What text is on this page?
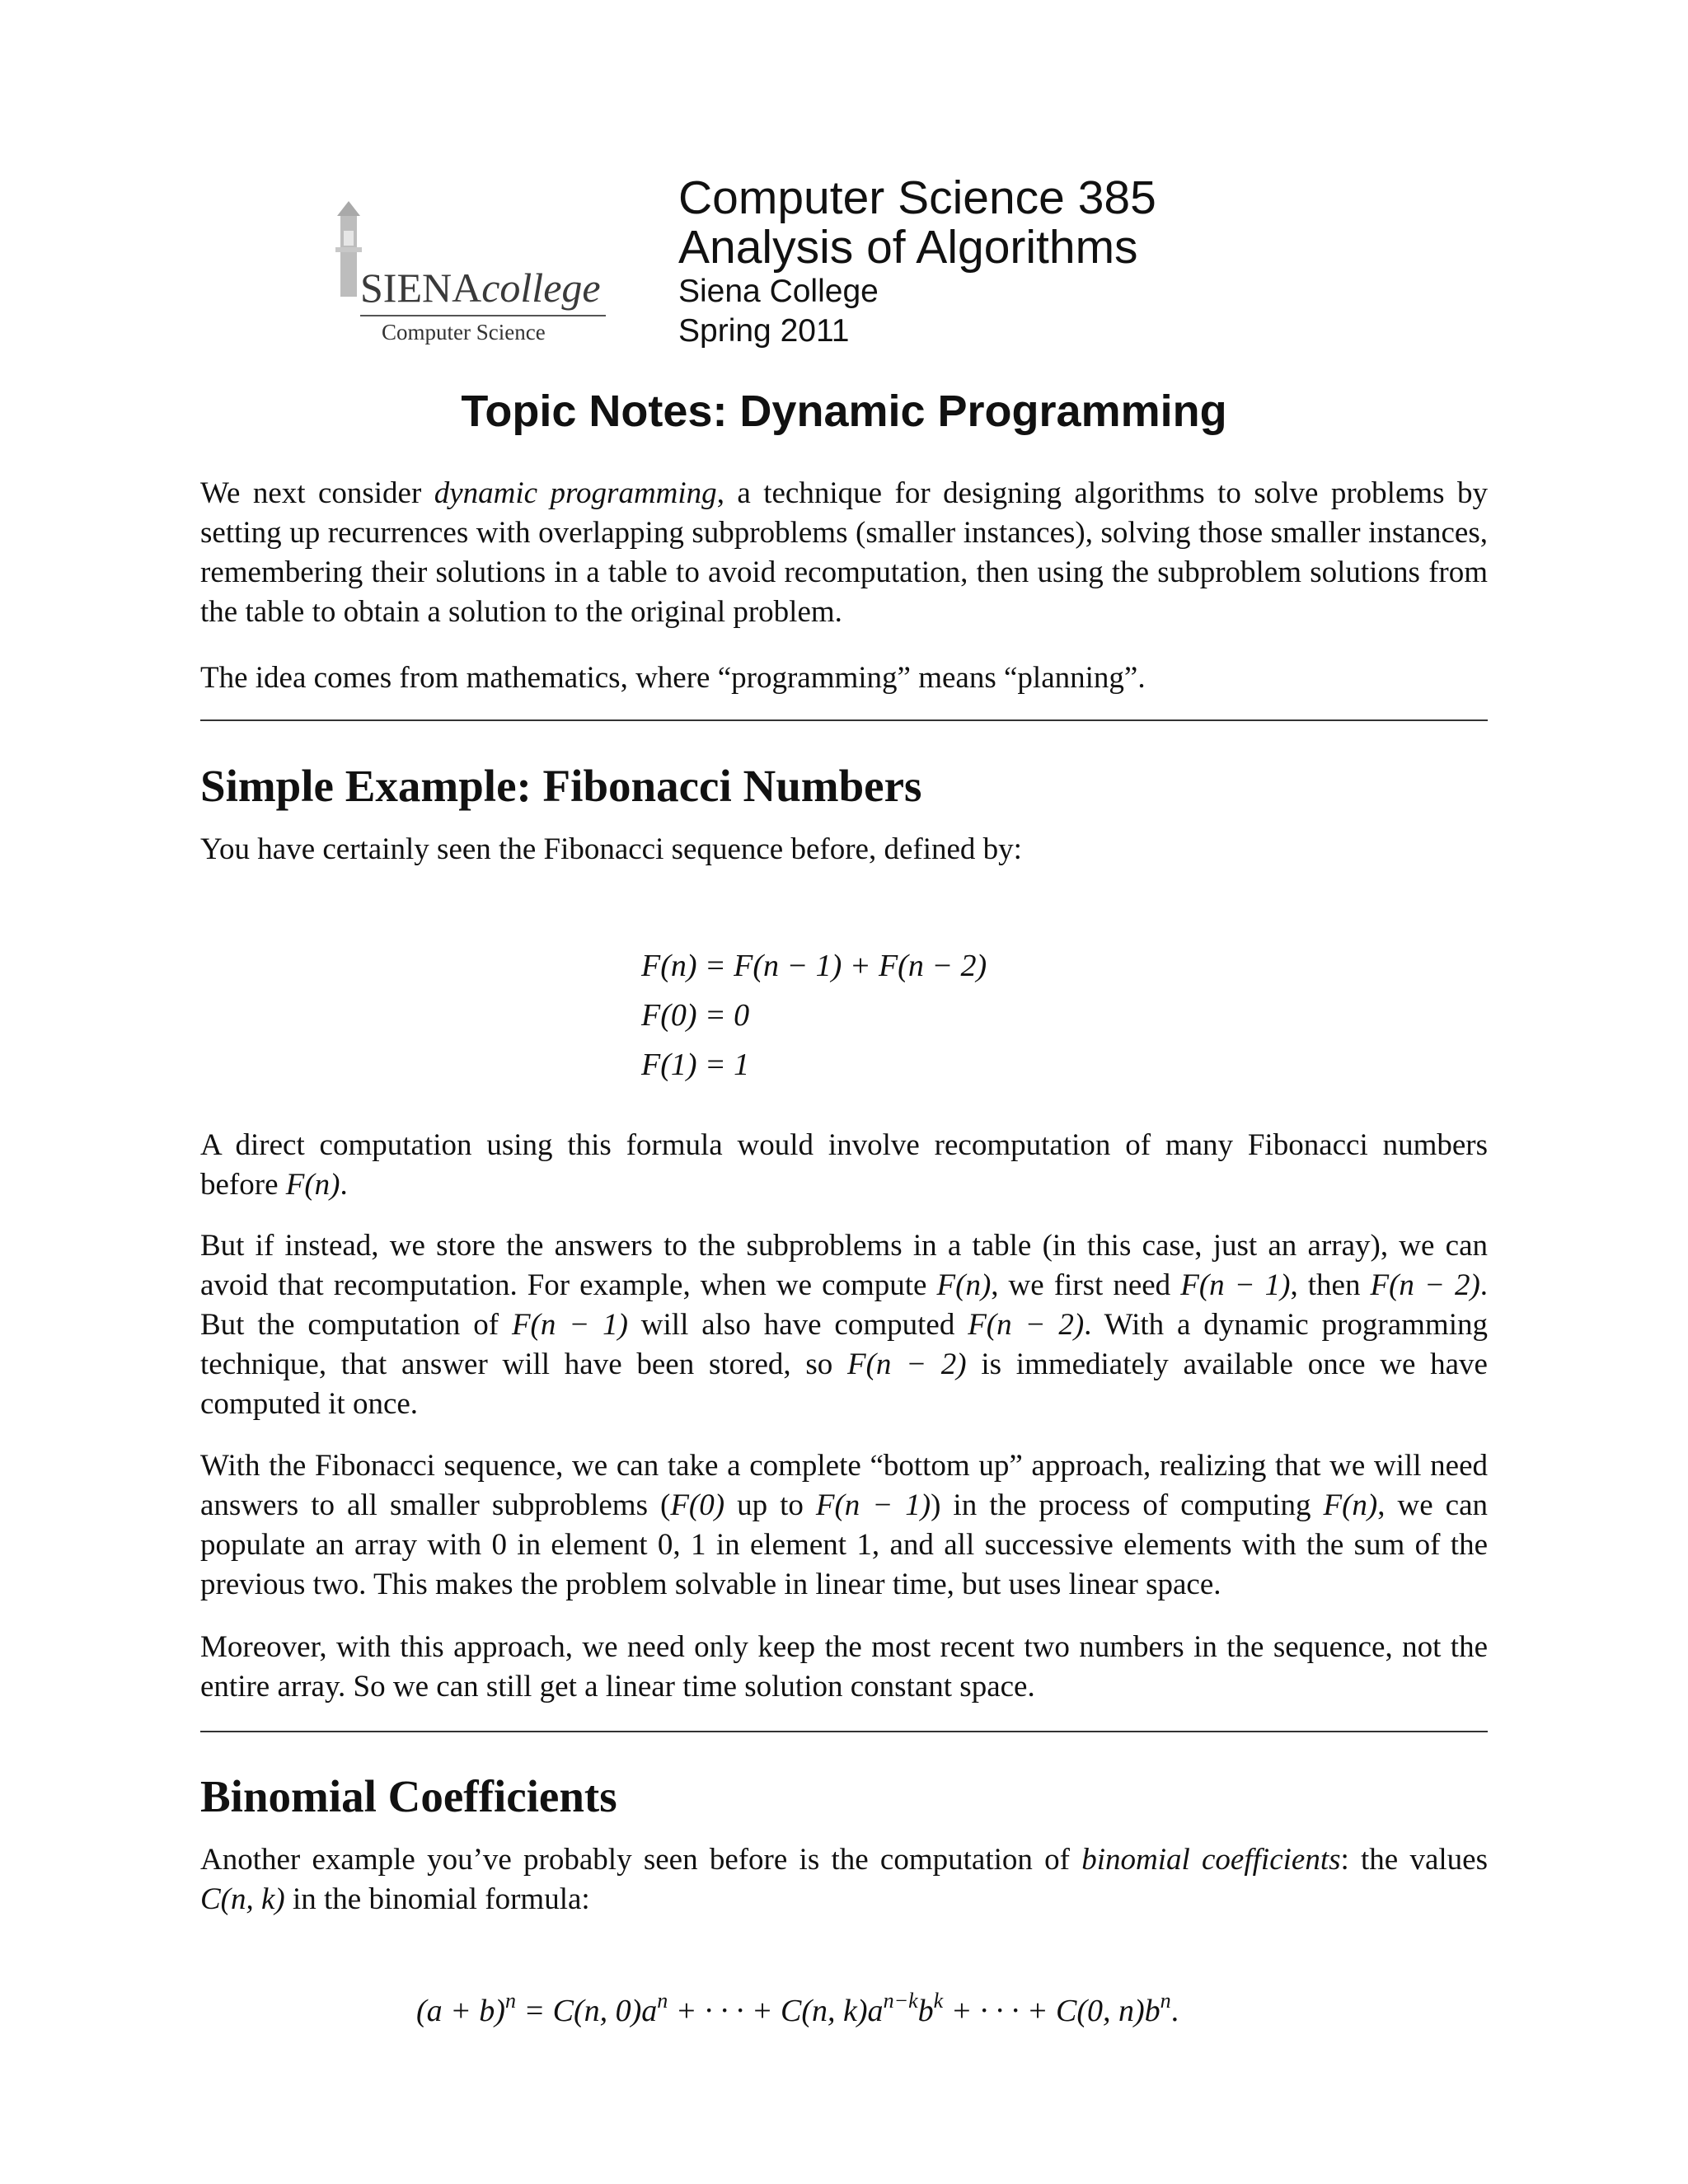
SIENAcollege
Computer Science
Computer Science 385
Analysis of Algorithms
Siena College
Spring 2011
Topic Notes: Dynamic Programming
We next consider dynamic programming, a technique for designing algorithms to solve problems by setting up recurrences with overlapping subproblems (smaller instances), solving those smaller instances, remembering their solutions in a table to avoid recomputation, then using the subproblem solutions from the table to obtain a solution to the original problem.
The idea comes from mathematics, where “programming” means “planning”.
Simple Example: Fibonacci Numbers
You have certainly seen the Fibonacci sequence before, defined by:
F(n) = F(n − 1) + F(n − 2)
F(0) = 0
F(1) = 1
A direct computation using this formula would involve recomputation of many Fibonacci numbers before F(n).
But if instead, we store the answers to the subproblems in a table (in this case, just an array), we can avoid that recomputation. For example, when we compute F(n), we first need F(n − 1), then F(n − 2). But the computation of F(n − 1) will also have computed F(n − 2). With a dynamic programming technique, that answer will have been stored, so F(n − 2) is immediately available once we have computed it once.
With the Fibonacci sequence, we can take a complete “bottom up” approach, realizing that we will need answers to all smaller subproblems (F(0) up to F(n − 1)) in the process of computing F(n), we can populate an array with 0 in element 0, 1 in element 1, and all successive elements with the sum of the previous two. This makes the problem solvable in linear time, but uses linear space.
Moreover, with this approach, we need only keep the most recent two numbers in the sequence, not the entire array. So we can still get a linear time solution constant space.
Binomial Coefficients
Another example you’ve probably seen before is the computation of binomial coefficients: the values C(n, k) in the binomial formula:
$(a + b)^n = C(n$, $0)a^n$ + · · · + C(n, $k)a^{n-k}b^k$ + · · · + C(0, $n)b^n$.
